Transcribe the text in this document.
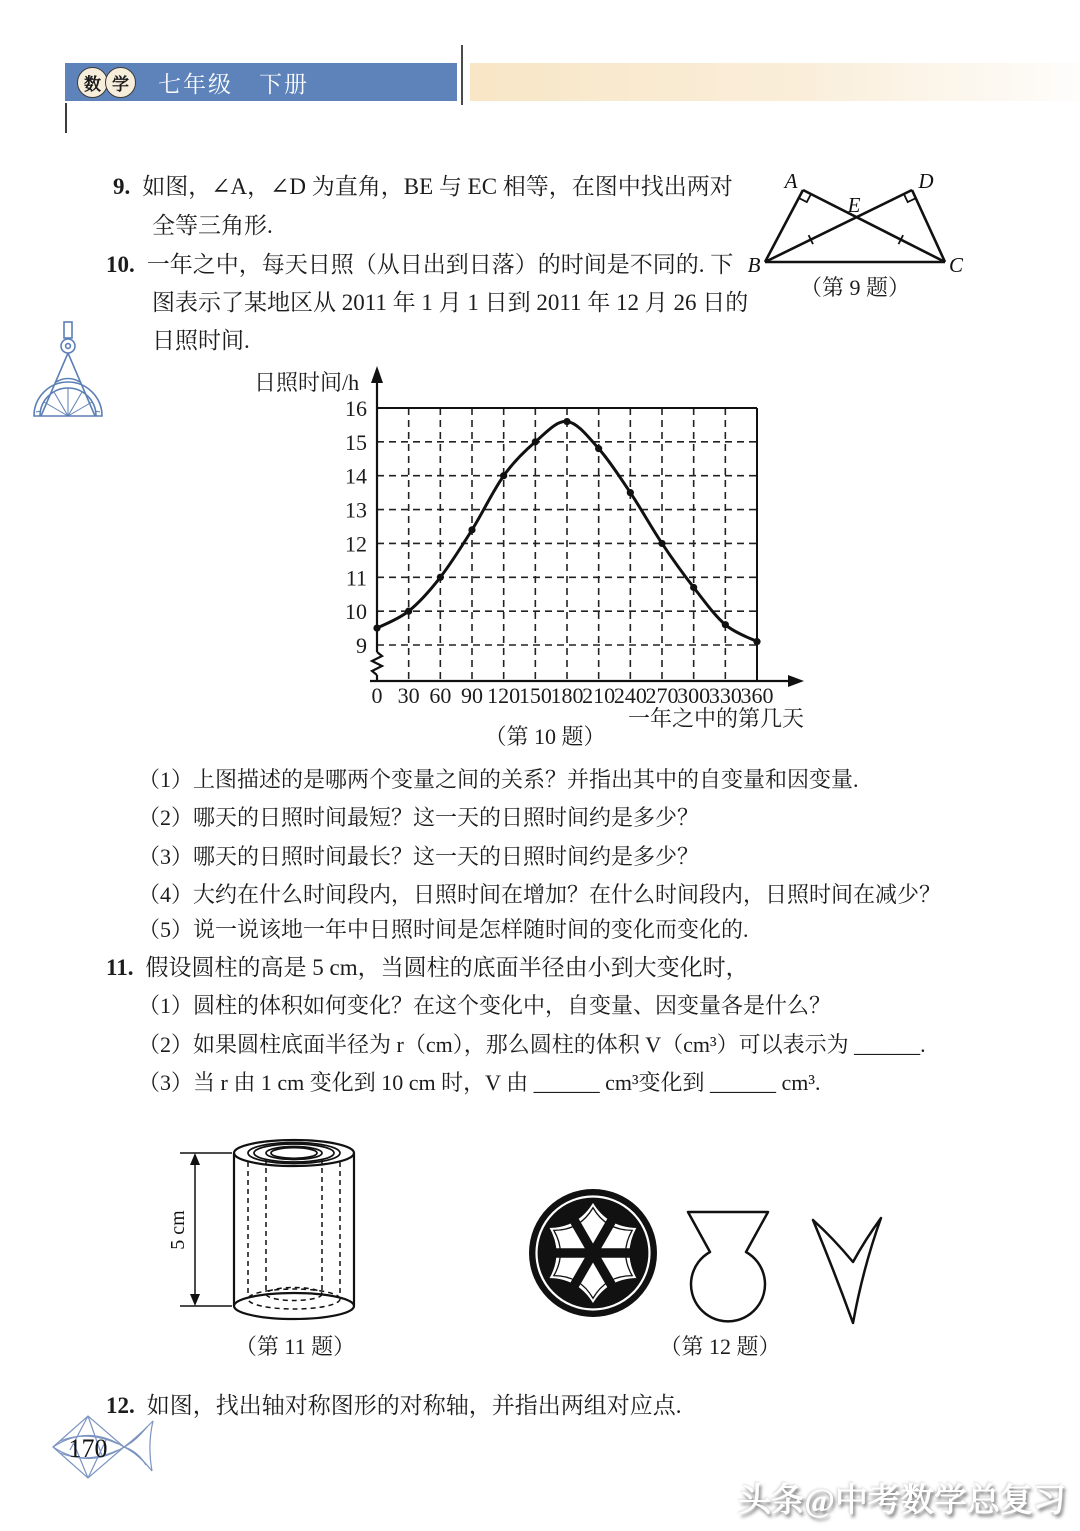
数 学	七年级 下册
9. 如图，∠A，∠D 为直角，BE 与 EC 相等，在图中找出两对
全等三角形.
A	D
E
B	C
（第 9 题）
10. 一年之中，每天日照（从日出到日落）的时间是不同的. 下
图表示了某地区从 2011 年 1 月 1 日到 2011 年 12 月 26 日的
日照时间.
9
10
11
12
13
14
15
16
0 30 60 90 120
150
180
210
240
270
300
330
360
日照时间/h
一年之中的第几天
（第 10 题）
（1）上图描述的是哪两个变量之间的关系？并指出其中的自变量和因变量.
（2）哪天的日照时间最短？这一天的日照时间约是多少？
（3）哪天的日照时间最长？这一天的日照时间约是多少？
（4）大约在什么时间段内，日照时间在增加？在什么时间段内，日照时间在减少？
（5）说一说该地一年中日照时间是怎样随时间的变化而变化的.
11. 假设圆柱的高是 5 cm，当圆柱的底面半径由小到大变化时，
（1）圆柱的体积如何变化？在这个变化中，自变量、因变量各是什么？
（2）如果圆柱底面半径为 r（cm），那么圆柱的体积 V（cm³）可以表示为 ______.
（3）当 r 由 1 cm 变化到 10 cm 时，V 由 ______ cm³变化到 ______ cm³.
5 cm
（第 11 题）	（第 12 题）
12. 如图，找出轴对称图形的对称轴，并指出两组对应点.
170
头条@中考数学总复习
